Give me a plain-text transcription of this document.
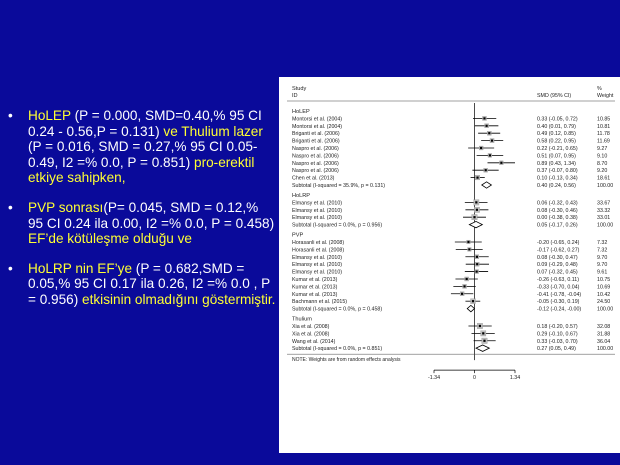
• HoLEP (P = 0.000, SMD=0.40,% 95 CI 0.24 - 0.56,P = 0.131) ve Thulium lazer (P = 0.016, SMD = 0.27,% 95 CI 0.05-0.49, I2 =% 0.0, P = 0.851) pro-erektil etkiye sahipken,
• PVP sonrası(P= 0.045, SMD = 0.12,% 95 CI 0.24 ila 0.00, I2 =% 0.0, P = 0.458) EF’de kötüleşme olduğu ve
• HoLRP nin EF’ye (P = 0.682,SMD = 0.05,% 95 CI 0.17 ila 0.26, I2 =% 0.0 , P = 0.956) etkisinin olmadığını göstermiştir.
Study
ID	SMD (95% CI)
%
Weight
HoLEP
Montorsi et al. (2004)	0.33 (-0.05, 0.72)	10.85
Montorsi et al. (2004)	0.40 (0.01, 0.79)	10.81
Briganti et al. (2006)	0.49 (0.12, 0.85)	11.78
Briganti et al. (2006)	0.58 (0.22, 0.95)	11.69
Naspro et al. (2006)	0.22 (-0.21, 0.65)	9.27
Naspro et al. (2006)	0.51 (0.07, 0.95)	9.10
Naspro et al. (2006)	0.89 (0.43, 1.34)	8.70
Naspro et al. (2006)	0.37 (-0.07, 0.80)	9.20
Chen et al. (2013)	0.10 (-0.13, 0.34)	18.61
Subtotal (I-squared = 35.9%, p = 0.131)	0.40 (0.24, 0.56)	100.00
HoLRP
Elmansy et al. (2010)	0.06 (-0.32, 0.43)	33.67
Elmansy et al. (2010)	0.08 (-0.30, 0.46)	33.32
Elmansy et al. (2010)	0.00 (-0.38, 0.38)	33.01
Subtotal (I-squared = 0.0%, p = 0.956)	0.05 (-0.17, 0.26)	100.00
PVP
Horasanli et al. (2008)	-0.20 (-0.65, 0.24)	7.32
Horasanli et al. (2008)	-0.17 (-0.62, 0.27)	7.32
Elmansy et al. (2010)	0.08 (-0.30, 0.47)	9.70
Elmansy et al. (2010)	0.09 (-0.29, 0.48)	9.70
Elmansy et al. (2010)	0.07 (-0.32, 0.45)	9.61
Kumar et al. (2013)	-0.26 (-0.63, 0.11)	10.75
Kumar et al. (2013)	-0.33 (-0.70, 0.04)	10.69
Kumar et al. (2013)	-0.41 (-0.78, -0.04)	10.42
Bachmann et al. (2015)	-0.05 (-0.30, 0.19)	24.50
Subtotal (I-squared = 0.0%, p = 0.458)	-0.12 (-0.24, -0.00)	100.00
Thulium
Xia et al. (2008)	0.18 (-0.20, 0.57)	32.08
Xia et al. (2008)	0.29 (-0.10, 0.67)	31.88
Wang et al. (2014)	0.33 (-0.03, 0.70)	36.04
Subtotal (I-squared = 0.0%, p = 0.851)	0.27 (0.05, 0.49)	100.00
NOTE: Weights are from random effects analysis
-1.34	0	1.34
